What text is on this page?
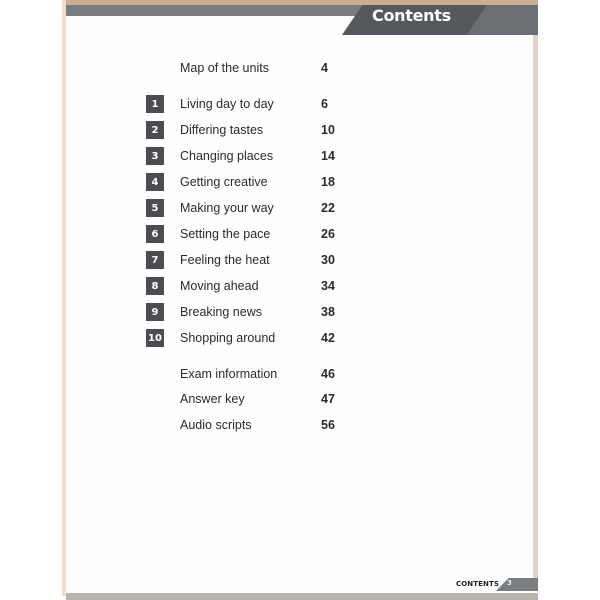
Contents
Map of the units	4
1	Living day to day	6
2	Differing tastes	10
3	Changing places	14
4	Getting creative	18
5	Making your way	22
6	Setting the pace	26
7	Feeling the heat	30
8	Moving ahead	34
9	Breaking news	38
10 Shopping around	42
Exam information	46
Answer key	47
Audio scripts	56
CONTENTS 3
